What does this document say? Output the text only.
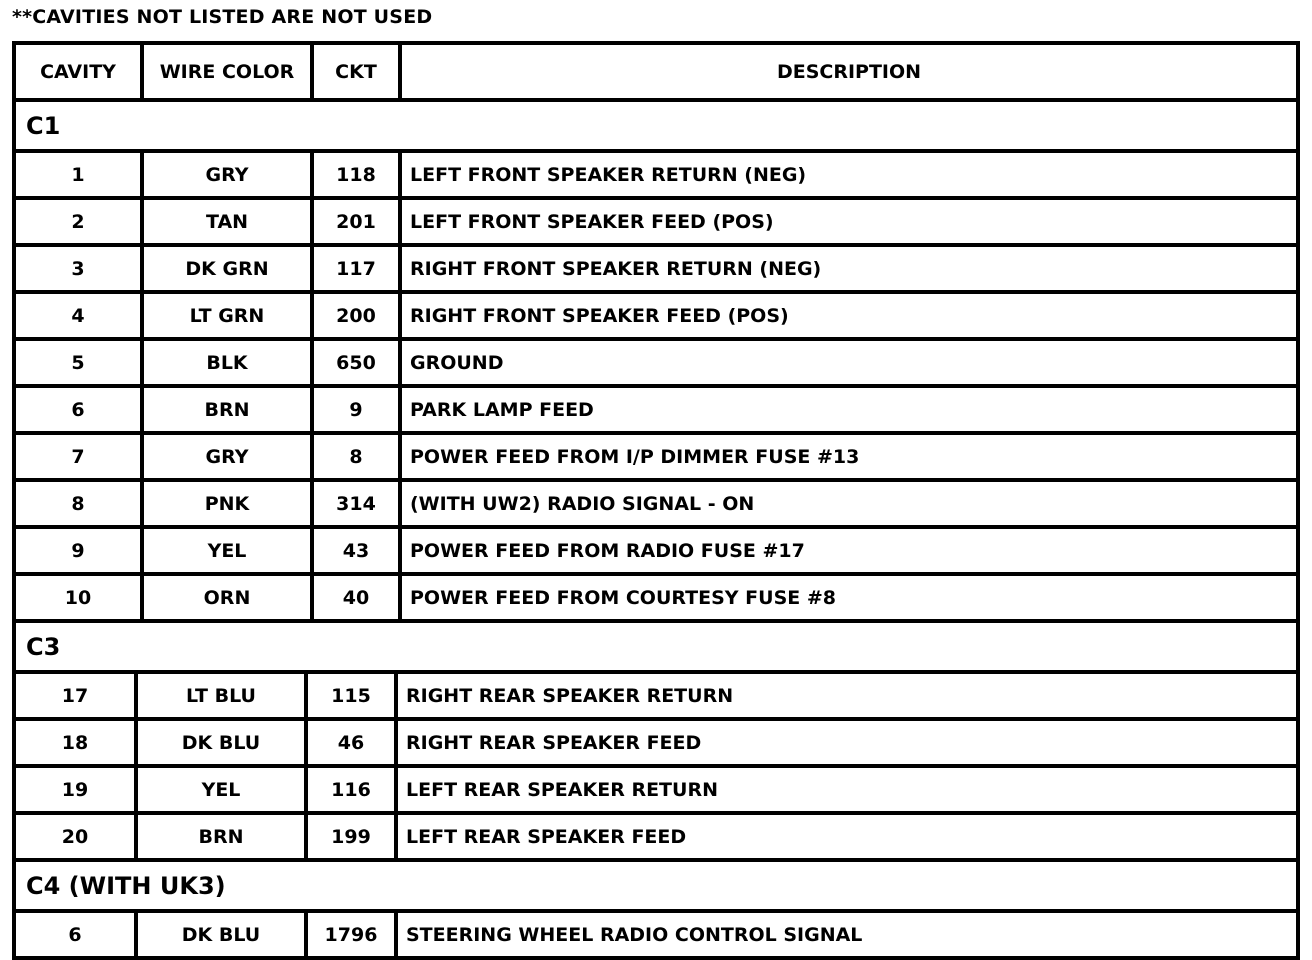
**CAVITIES NOT LISTED ARE NOT USED
CAVITY	WIRE COLOR	CKT	DESCRIPTION
C1
1	GRY	118	LEFT FRONT SPEAKER RETURN (NEG)
2	TAN	201	LEFT FRONT SPEAKER FEED (POS)
3	DK GRN	117	RIGHT FRONT SPEAKER RETURN (NEG)
4	LT GRN	200	RIGHT FRONT SPEAKER FEED (POS)
5	BLK	650	GROUND
6	BRN	9	PARK LAMP FEED
7	GRY	8	POWER FEED FROM I/P DIMMER FUSE #13
8	PNK	314	(WITH UW2) RADIO SIGNAL - ON
9	YEL	43	POWER FEED FROM RADIO FUSE #17
10	ORN	40	POWER FEED FROM COURTESY FUSE #8
C3
17	LT BLU	115	RIGHT REAR SPEAKER RETURN
18	DK BLU	46	RIGHT REAR SPEAKER FEED
19	YEL	116	LEFT REAR SPEAKER RETURN
20	BRN	199	LEFT REAR SPEAKER FEED
C4 (WITH UK3)
6	DK BLU	1796	STEERING WHEEL RADIO CONTROL SIGNAL
